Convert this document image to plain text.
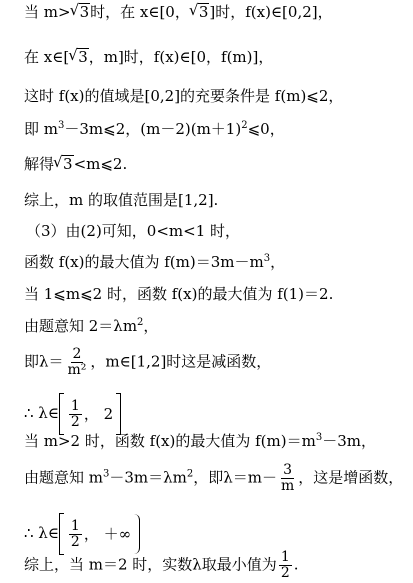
当 m> √ 3时，在 x∈[0， √ 3]时，f(x)∈[0,2]，
在 x∈[ √ 3，m]时，f(x)∈[0，f(m)]，
这时 f(x)的值域是[0,2]的充要条件是 f(m)⩽2，
即 $m^3-3m⩽2$，$(m-2)(m+1)^2⩽0$，
解得 √ 3<m⩽2.
综上，m 的取值范围是[1,2].
（3）由(2)可知，0<m<1 时，
函数 f(x)的最大值为 $f(m)=3m-m^3$，
当 1⩽m⩽2 时，函数 f(x)的最大值为 f(1)＝2.
由题意知 $2=\lambda m^2$，
即$\lambda= \frac{2}{\text{m²}}$ ，m∈[1,2]时这是减函数，
∴ λ∈ $\frac{1}{2}$ ， 2
当 m>2 时，函数 f(x)的最大值为 $f(m)=m^3-3m$，
由题意知 $m^3-3m=\lambda m^2$，即$\lambda=m- \frac{3}{m}$ ，这是增函数，
∴ λ∈ $\frac{1}{2}$ ， ＋∞
综上，当 m＝2 时，实数λ取最小值为 $\frac{1}{2}$ .
